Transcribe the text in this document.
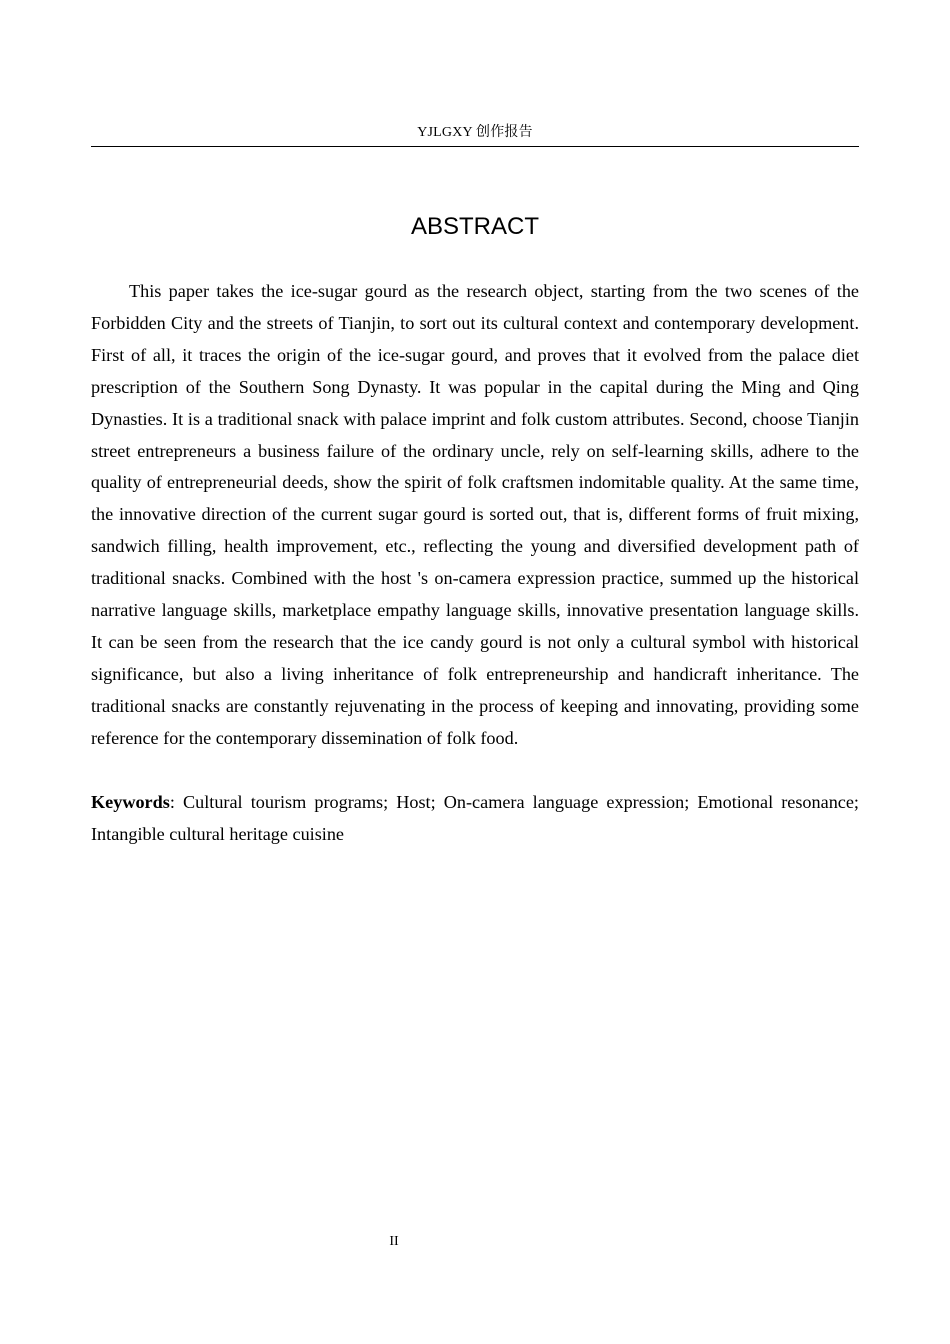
YJLGXY 创作报告
ABSTRACT

This paper takes the ice-sugar gourd as the research object, starting from the two scenes of the Forbidden City and the streets of Tianjin, to sort out its cultural context and contemporary development. First of all, it traces the origin of the ice-sugar gourd, and proves that it evolved from the palace diet prescription of the Southern Song Dynasty. It was popular in the capital during the Ming and Qing Dynasties. It is a traditional snack with palace imprint and folk custom attributes. Second, choose Tianjin street entrepreneurs a business failure of the ordinary uncle, rely on self-learning skills, adhere to the quality of entrepreneurial deeds, show the spirit of folk craftsmen indomitable quality. At the same time, the innovative direction of the current sugar gourd is sorted out, that is, different forms of fruit mixing, sandwich filling, health improvement, etc., reflecting the young and diversified development path of traditional snacks. Combined with the host 's on-camera expression practice, summed up the historical narrative language skills, marketplace empathy language skills, innovative presentation language skills. It can be seen from the research that the ice candy gourd is not only a cultural symbol with historical significance, but also a living inheritance of folk entrepreneurship and handicraft inheritance. The traditional snacks are constantly rejuvenating in the process of keeping and innovating, providing some reference for the contemporary dissemination of folk food.

Keywords: Cultural tourism programs; Host; On-camera language expression; Emotional resonance; Intangible cultural heritage cuisine

II
